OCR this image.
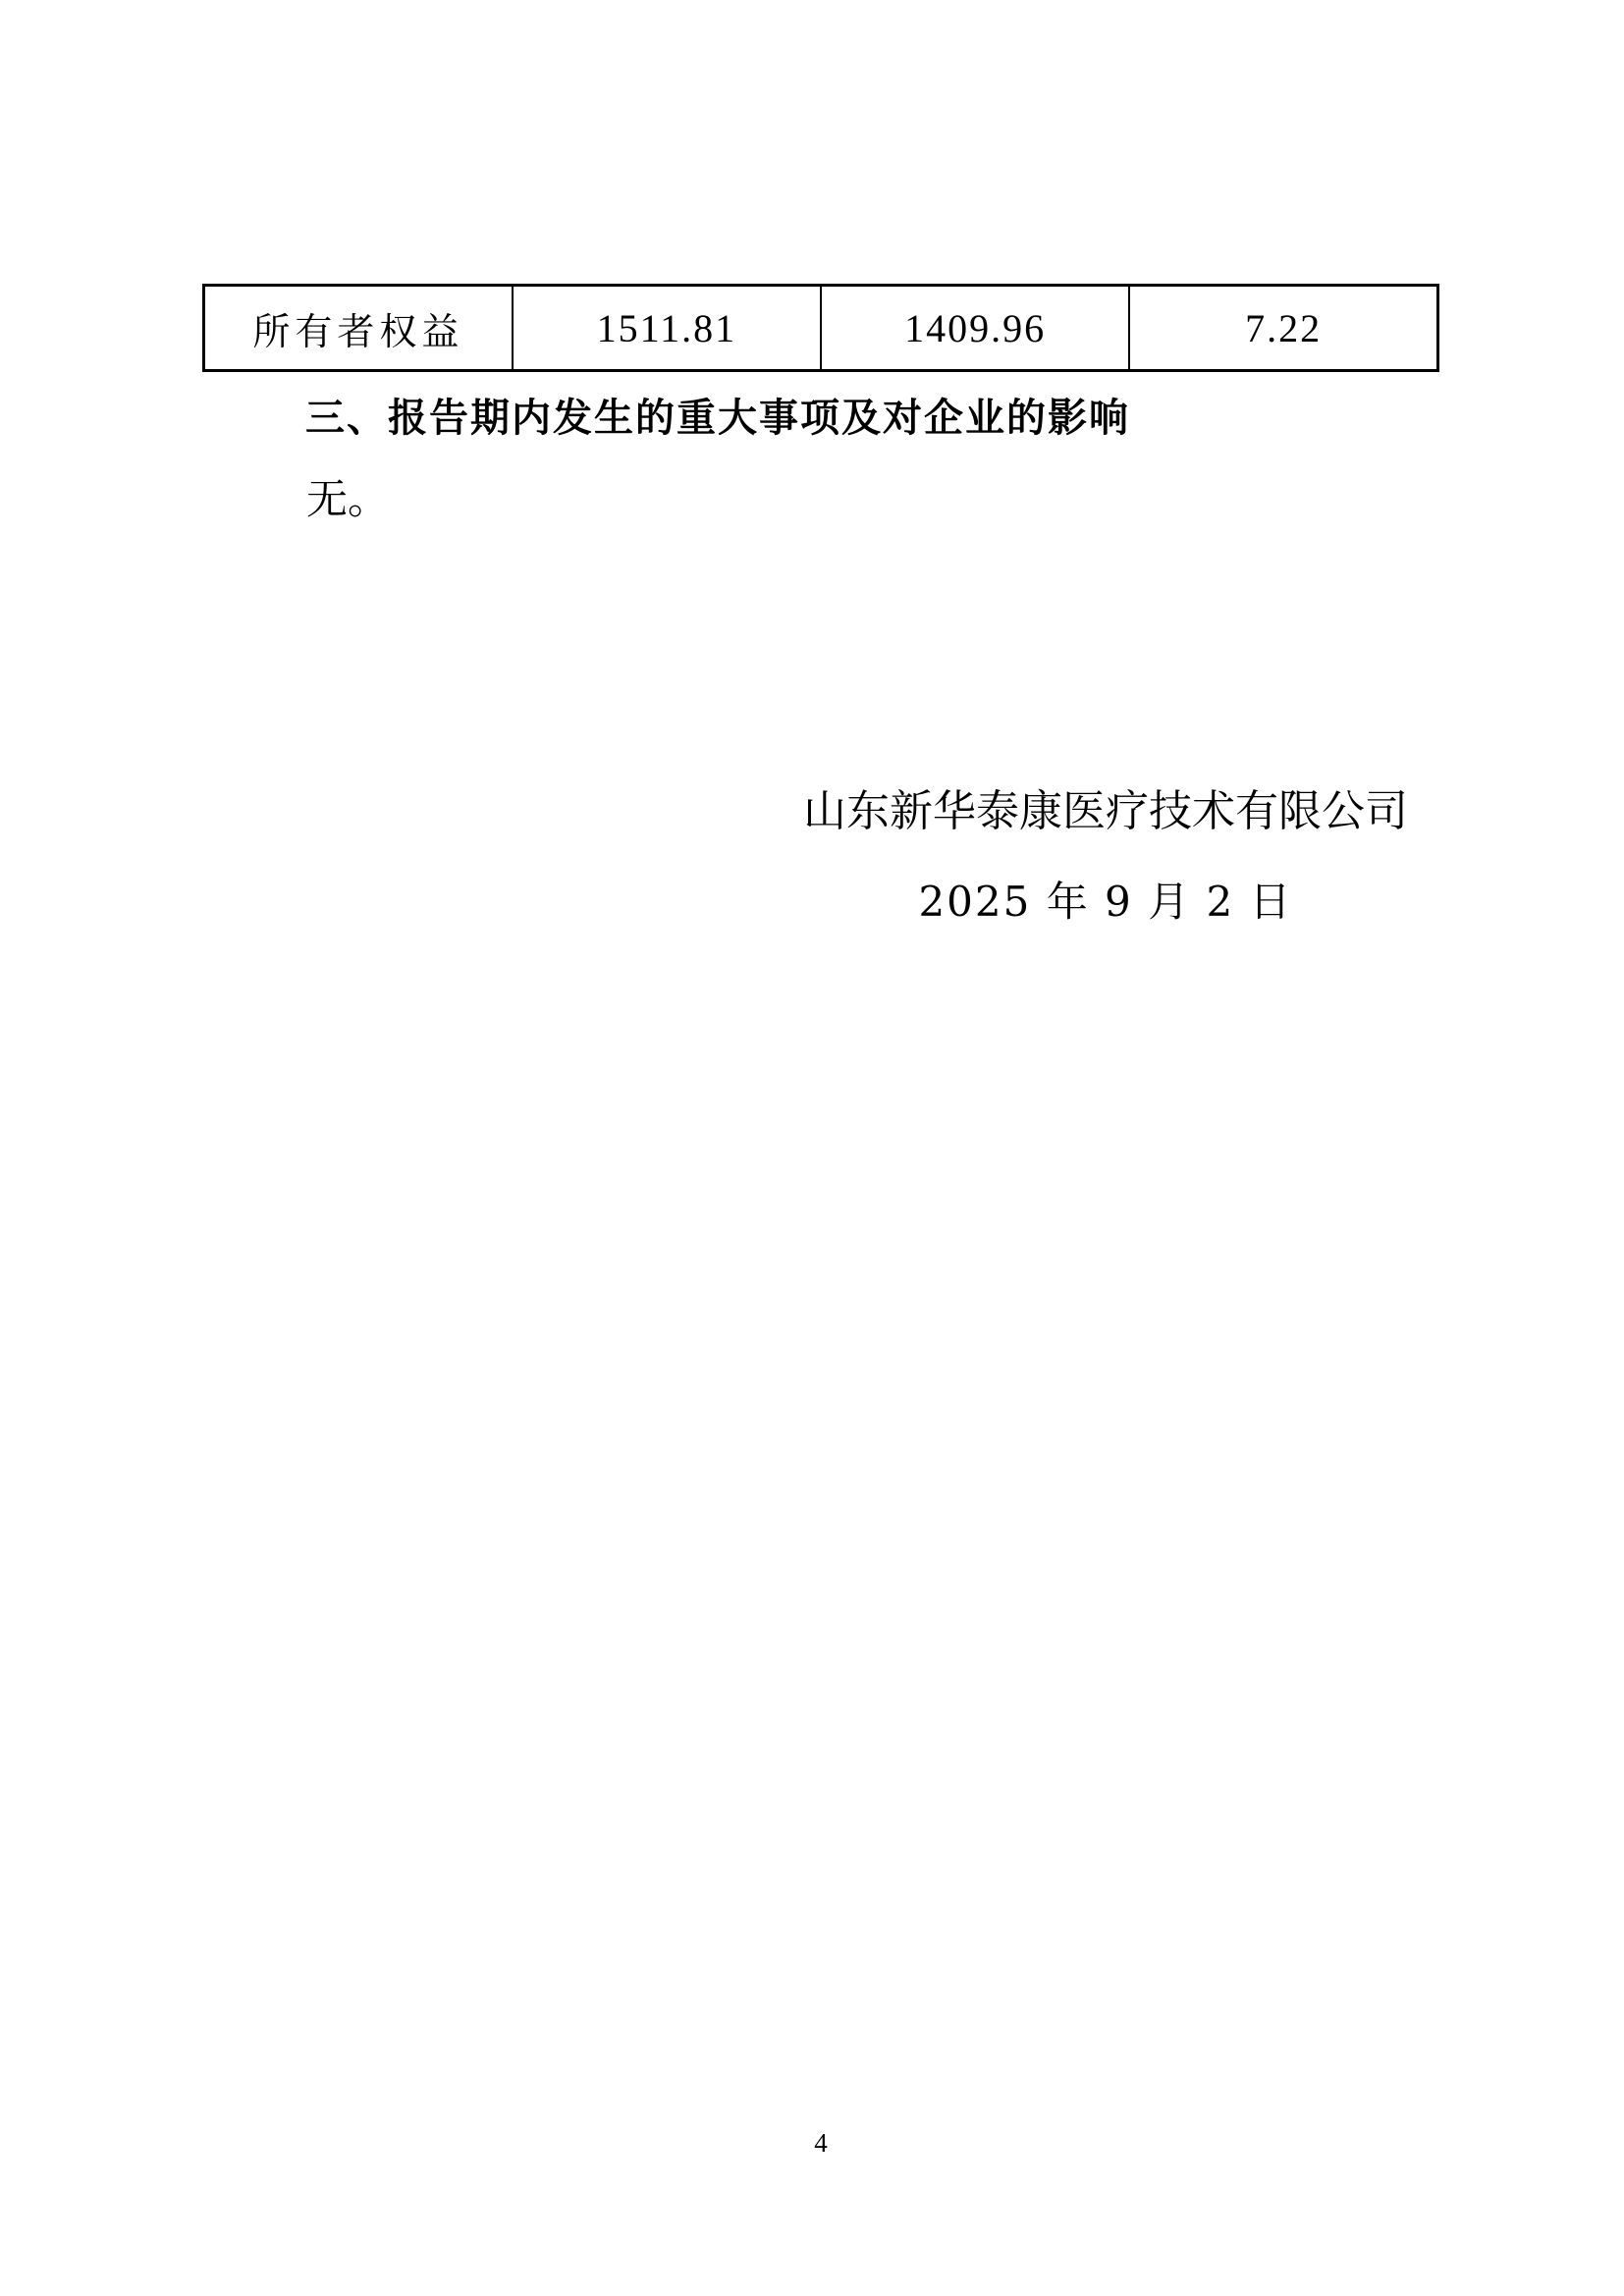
所有者权益	1511.81	1409.96	7.22
三、报告期内发生的重大事项及对企业的影响
无。
山东新华泰康医疗技术有限公司
2025 年 9 月 2 日
4
